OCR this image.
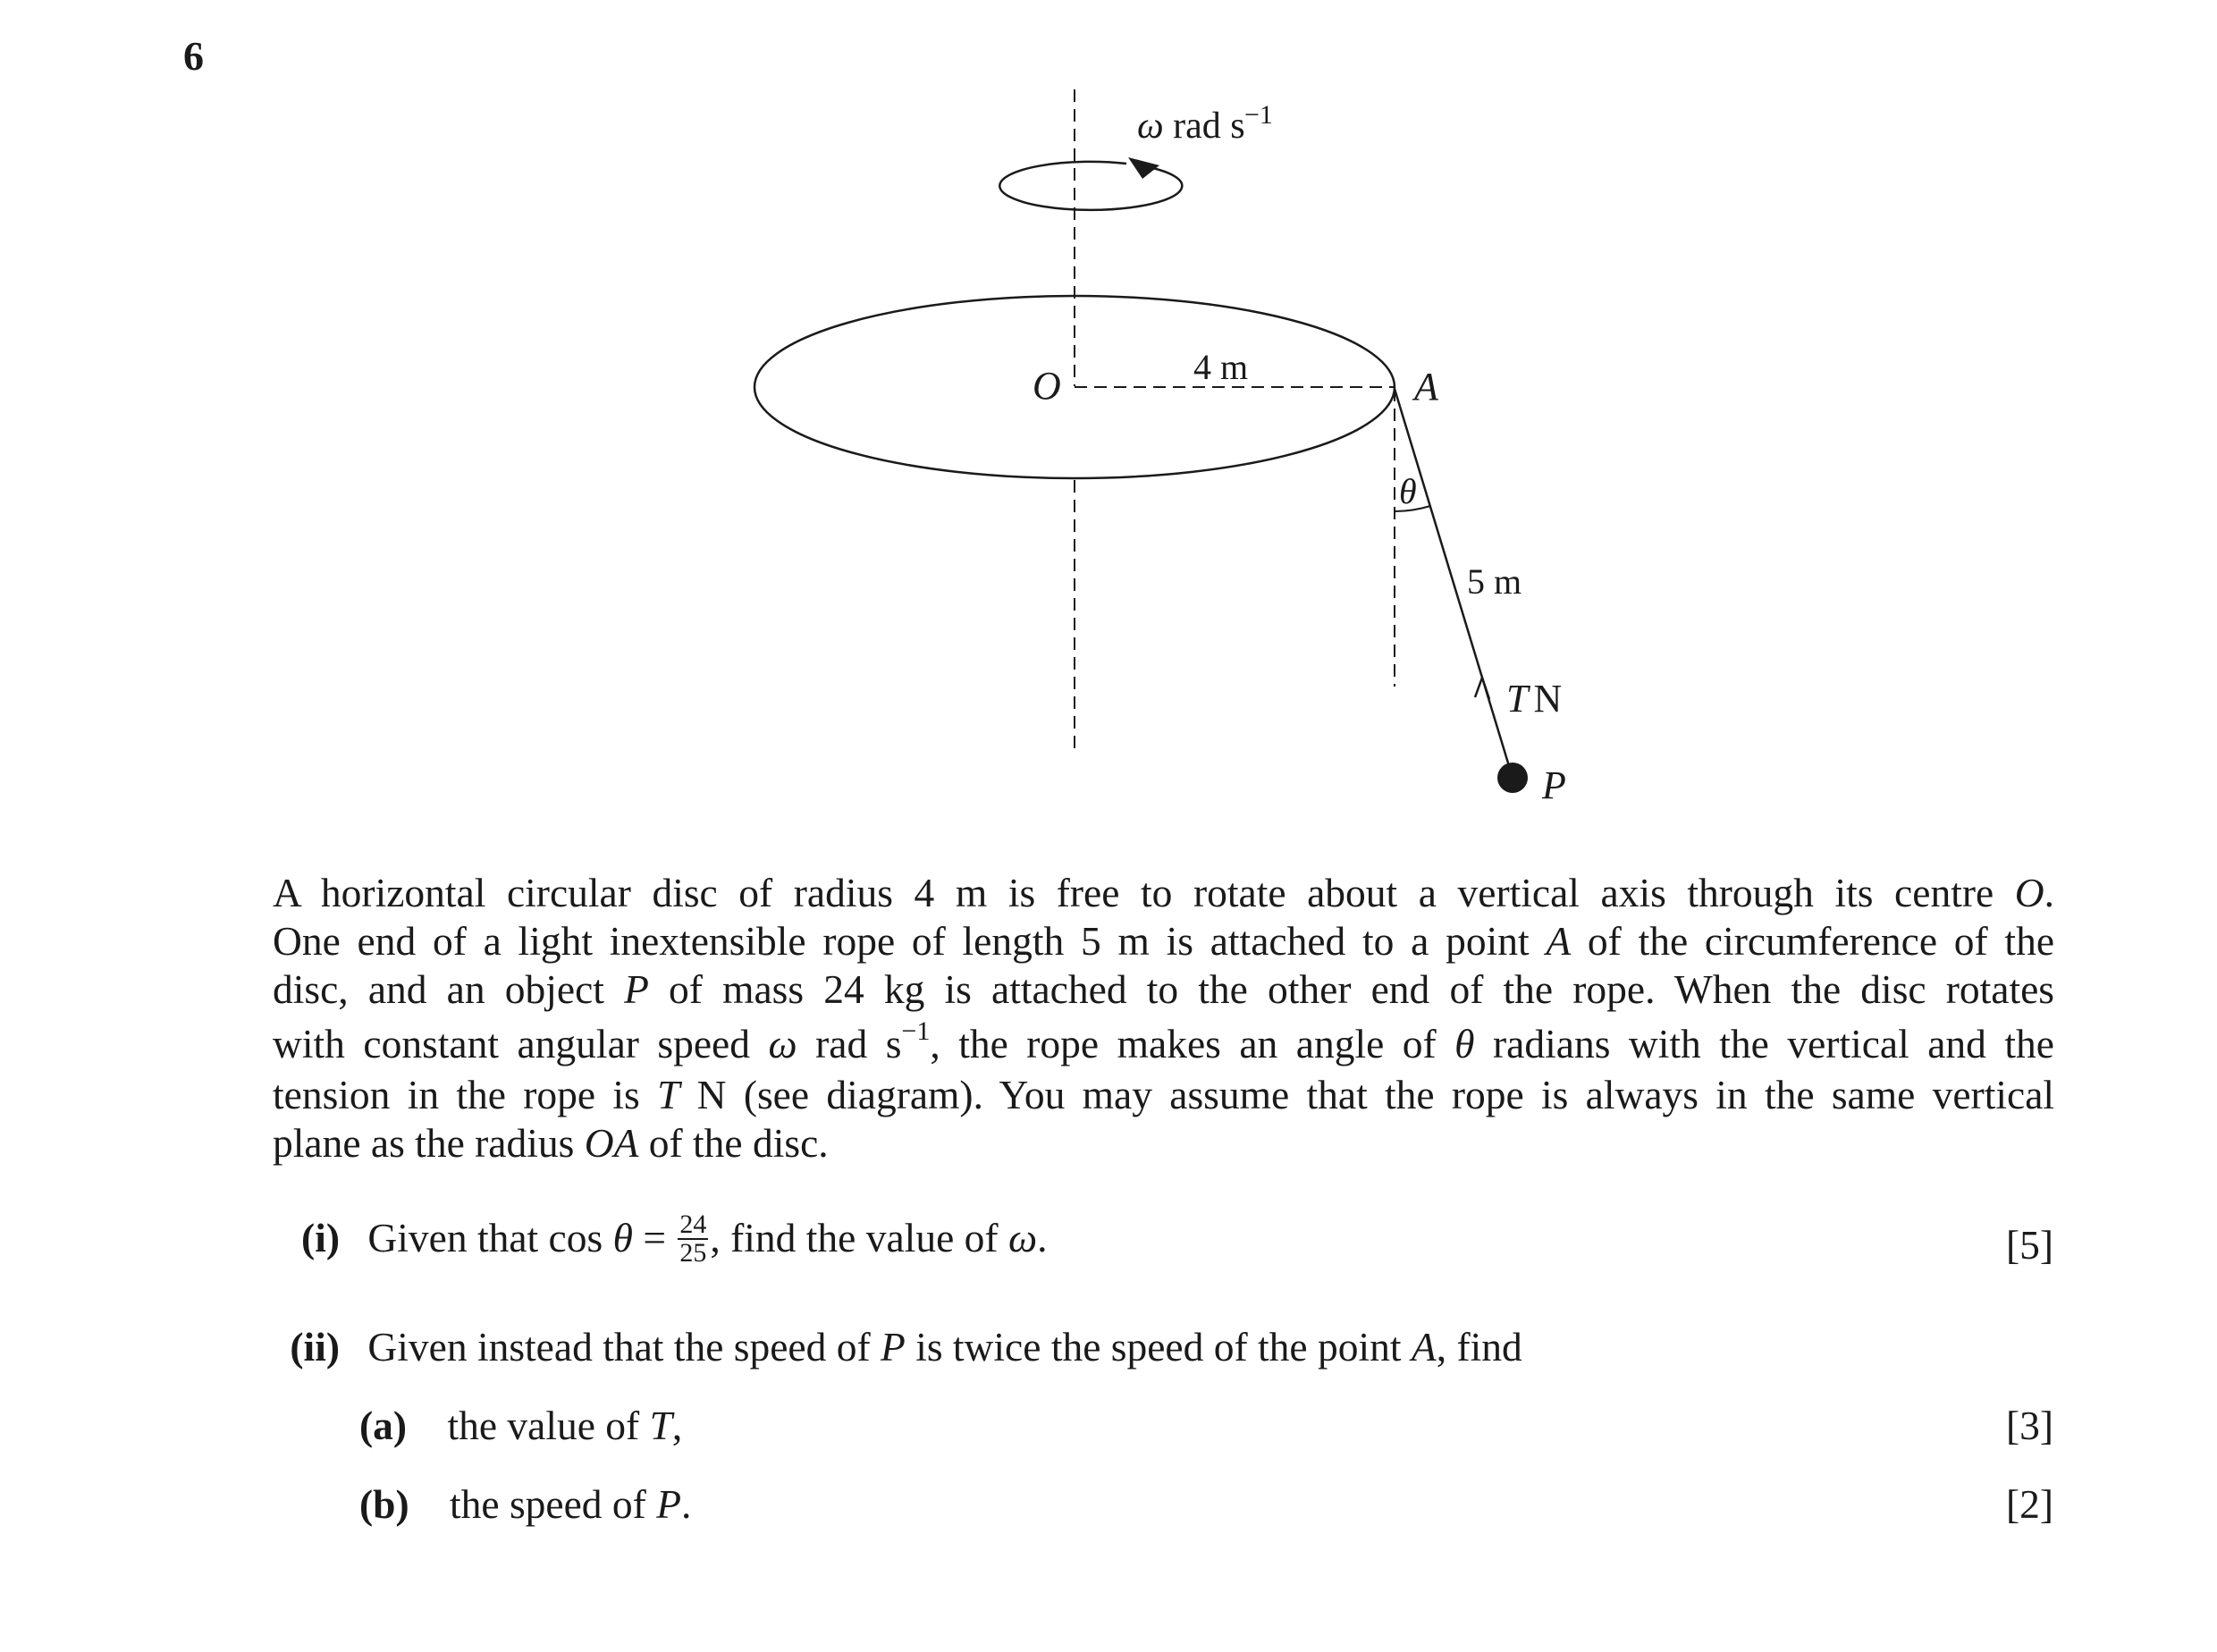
6
ω rad s −1
O	4 m	A
θ
5 m
T N
P
A horizontal circular disc of radius 4 m is free to rotate about a vertical axis through its centre O.
One end of a light inextensible rope of length 5 m is attached to a point A of the circumference of the
disc, and an object P of mass 24 kg is attached to the other end of the rope. When the disc rotates
with constant angular speed ω rad $s^{-1}$, the rope makes an angle of θ radians with the vertical and the
tension in the rope is T N (see diagram). You may assume that the rope is always in the same vertical
plane as the radius OA of the disc.
(i) Given that $\cos \theta = \frac{24}{25}$ , find the value of ω.	[5]
(ii) Given instead that the speed of P is twice the speed of the point A, find
(a) the value of T,	[3]
(b) the speed of P.	[2]
